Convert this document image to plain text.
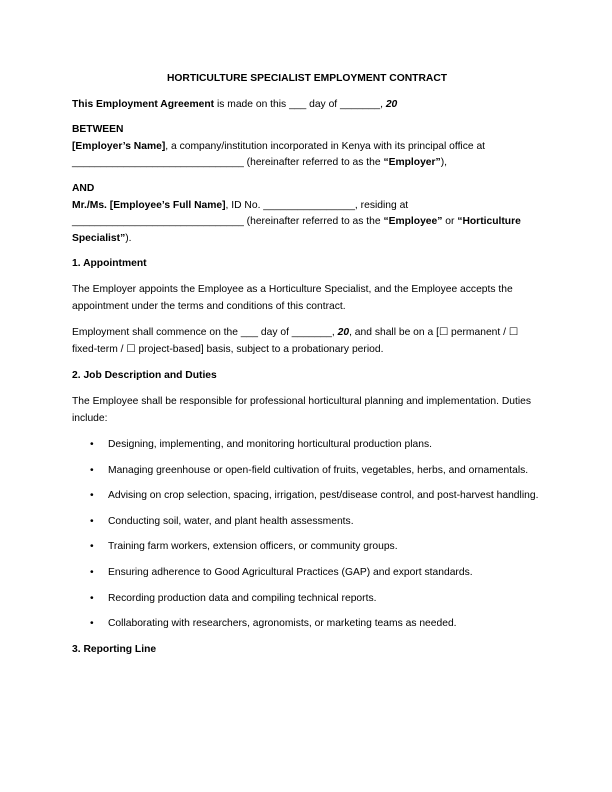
HORTICULTURE SPECIALIST EMPLOYMENT CONTRACT

This Employment Agreement is made on this ___ day of _______, 20

BETWEEN

[Employer’s Name], a company/institution incorporated in Kenya with its principal office at
______________________________ (hereinafter referred to as the “Employer”),

AND

Mr./Ms. [Employee’s Full Name], ID No. ________________, residing at
______________________________ (hereinafter referred to as the “Employee” or “Horticulture Specialist”).

1. Appointment

The Employer appoints the Employee as a Horticulture Specialist, and the Employee accepts the appointment under the terms and conditions of this contract.

Employment shall commence on the ___ day of _______, 20, and shall be on a [☐ permanent / ☐ fixed-term / ☐ project-based] basis, subject to a probationary period.

2. Job Description and Duties

The Employee shall be responsible for professional horticultural planning and implementation. Duties include:

• Designing, implementing, and monitoring horticultural production plans.
• Managing greenhouse or open-field cultivation of fruits, vegetables, herbs, and ornamentals.
• Advising on crop selection, spacing, irrigation, pest/disease control, and post-harvest handling.
• Conducting soil, water, and plant health assessments.
• Training farm workers, extension officers, or community groups.
• Ensuring adherence to Good Agricultural Practices (GAP) and export standards.
• Recording production data and compiling technical reports.
• Collaborating with researchers, agronomists, or marketing teams as needed.

3. Reporting Line
